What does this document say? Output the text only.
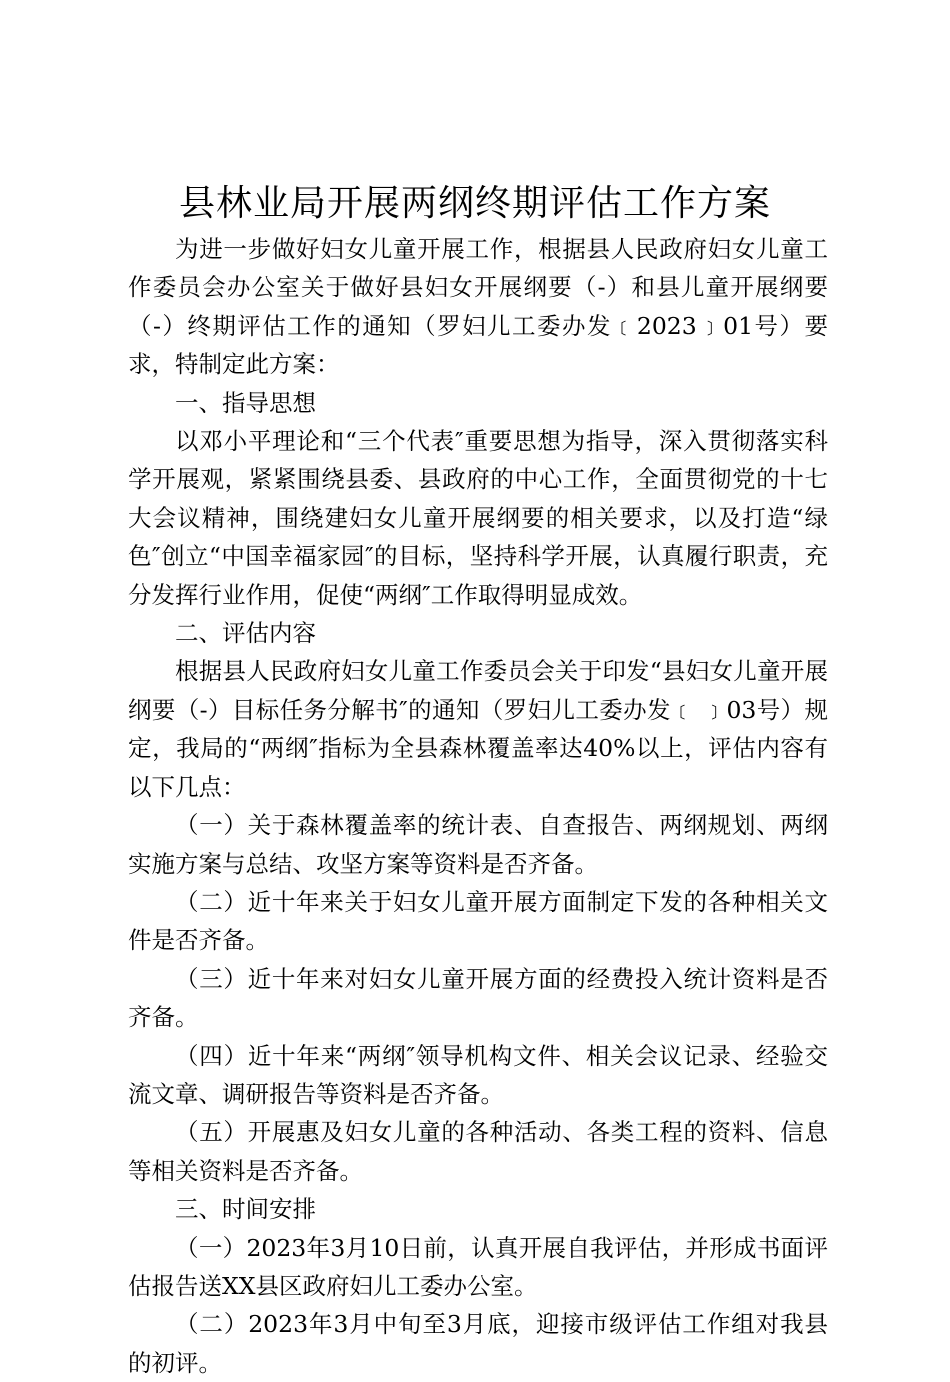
县林业局开展两纲终期评估工作方案

为进一步做好妇女儿童开展工作，根据县人民政府妇女儿童工作委员会办公室关于做好县妇女开展纲要（-）和县儿童开展纲要（-）终期评估工作的通知（罗妇儿工委办发﹝2023﹞01号）要求，特制定此方案：

一、指导思想

以邓小平理论和“三个代表″重要思想为指导，深入贯彻落实科学开展观，紧紧围绕县委、县政府的中心工作，全面贯彻党的十七大会议精神，围绕建妇女儿童开展纲要的相关要求，以及打造“绿色″创立“中国幸福家园″的目标，坚持科学开展，认真履行职责，充分发挥行业作用，促使“两纲″工作取得明显成效。

二、评估内容

根据县人民政府妇女儿童工作委员会关于印发“县妇女儿童开展纲要（-）目标任务分解书″的通知（罗妇儿工委办发﹝ ﹞03号）规定，我局的“两纲″指标为全县森林覆盖率达40%以上，评估内容有以下几点：

（一）关于森林覆盖率的统计表、自查报告、两纲规划、两纲实施方案与总结、攻坚方案等资料是否齐备。

（二）近十年来关于妇女儿童开展方面制定下发的各种相关文件是否齐备。

（三）近十年来对妇女儿童开展方面的经费投入统计资料是否齐备。

（四）近十年来“两纲″领导机构文件、相关会议记录、经验交流文章、调研报告等资料是否齐备。

（五）开展惠及妇女儿童的各种活动、各类工程的资料、信息等相关资料是否齐备。

三、时间安排

（一）2023年3月10日前，认真开展自我评估，并形成书面评估报告送XX县区政府妇儿工委办公室。

（二）2023年3月中旬至3月底，迎接市级评估工作组对我县的初评。
